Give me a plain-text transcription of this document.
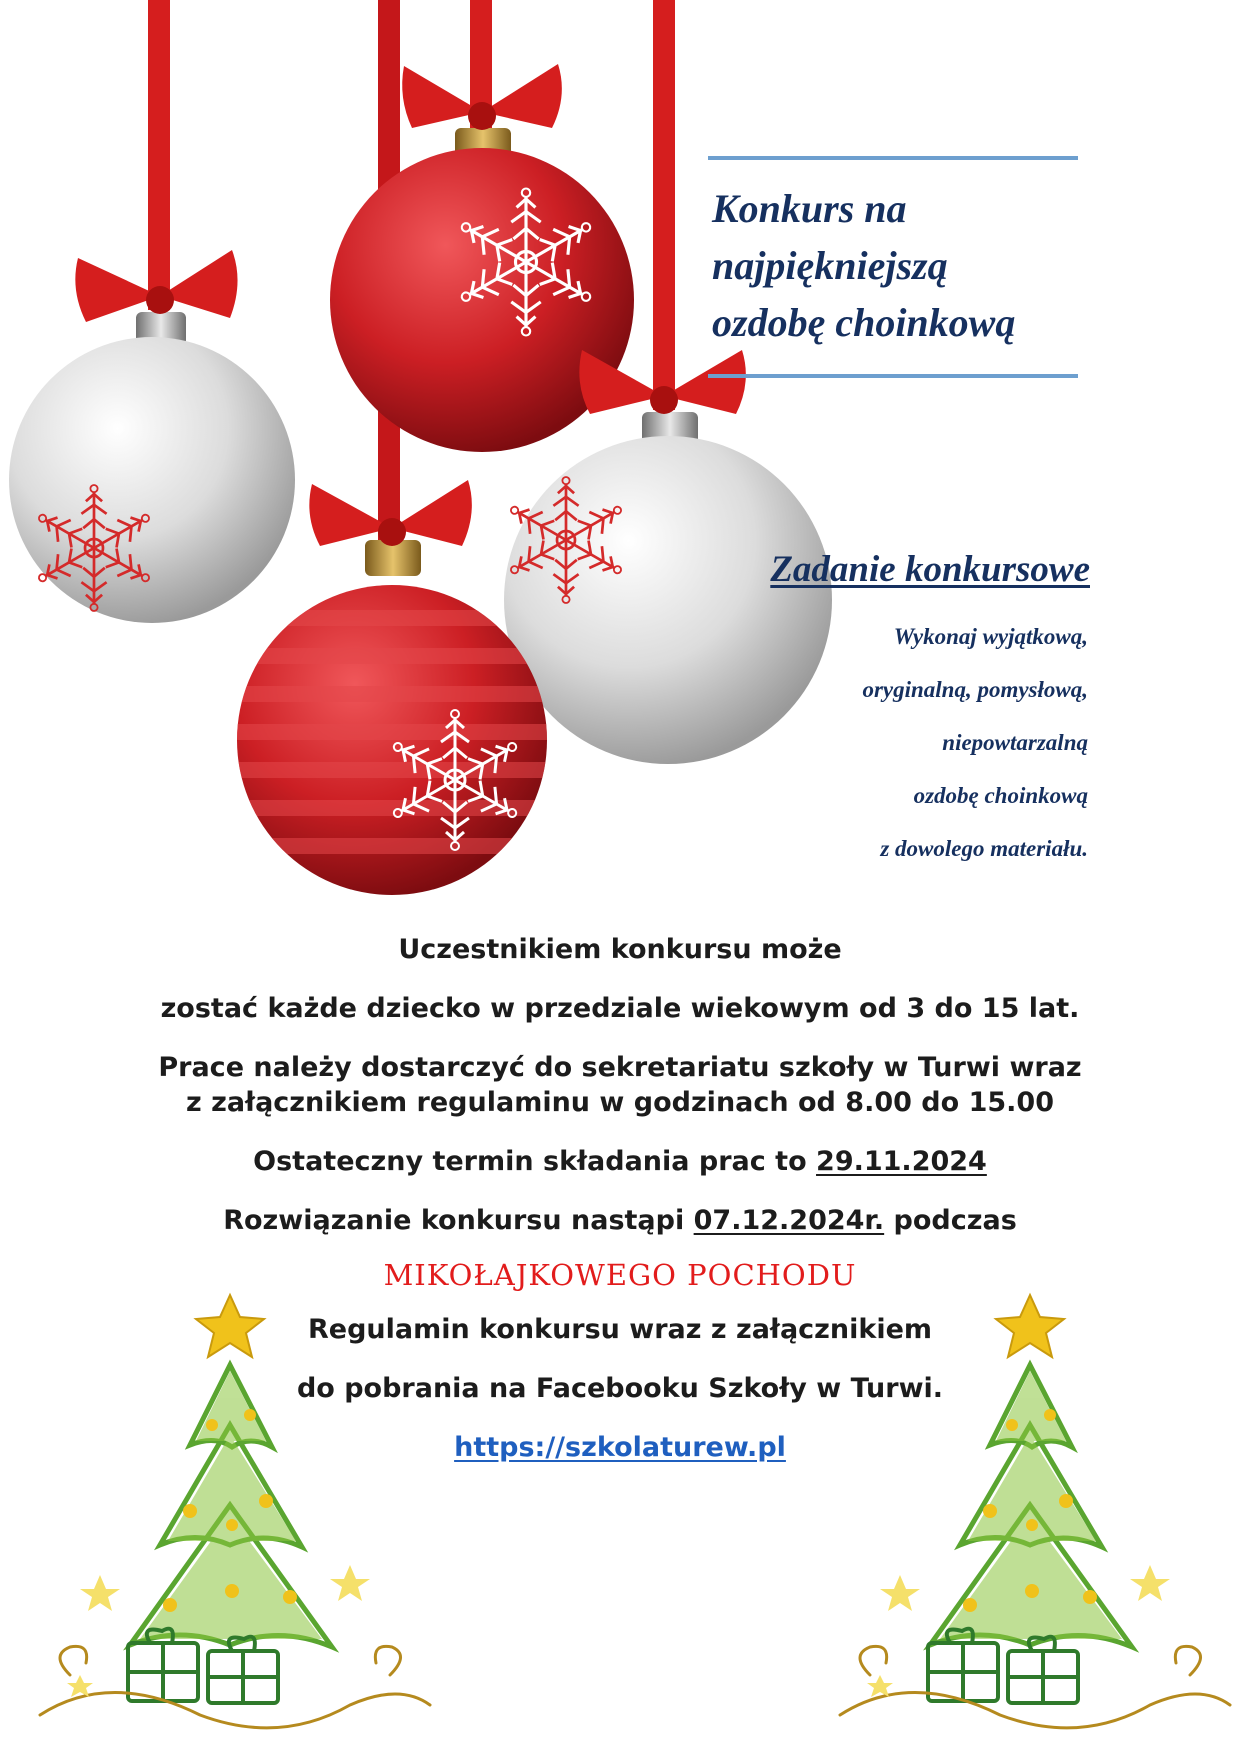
Konkurs na
najpiękniejszą
ozdobę choinkową
Zadanie konkursowe
Wykonaj wyjątkową,
oryginalną, pomysłową,
niepowtarzalną
ozdobę choinkową
z dowolego materiału.

Uczestnikiem konkursu może

zostać każde dziecko w przedziale wiekowym od 3 do 15 lat.

Prace należy dostarczyć do sekretariatu szkoły w Turwi wraz

z załącznikiem regulaminu w godzinach od 8.00 do 15.00

Ostateczny termin składania prac to 29.11.2024

Rozwiązanie konkursu nastąpi 07.12.2024r. podczas

MIKOŁAJKOWEGO POCHODU

Regulamin konkursu wraz z załącznikiem

do pobrania na Facebooku Szkoły w Turwi.

https://szkolaturew.pl
